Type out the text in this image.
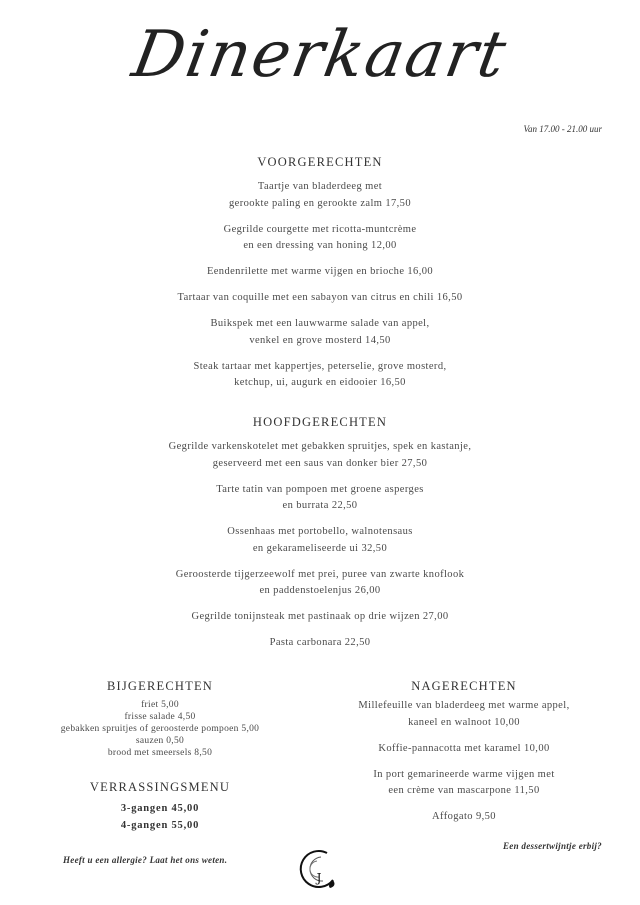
Dinerkaart
Van 17.00 - 21.00 uur
VOORGERECHTEN
Taartje van bladerdeeg met
gerookte paling en gerookte zalm 17,50
Gegrilde courgette met ricotta-muntcrème
en een dressing van honing 12,00
Eendenrilette met warme vijgen en brioche 16,00
Tartaar van coquille met een sabayon van citrus en chili 16,50
Buikspek met een lauwwarme salade van appel,
venkel en grove mosterd 14,50
Steak tartaar met kappertjes, peterselie, grove mosterd,
ketchup, ui, augurk en eidooier 16,50
HOOFDGERECHTEN
Gegrilde varkenskotelet met gebakken spruitjes, spek en kastanje,
geserveerd met een saus van donker bier 27,50
Tarte tatin van pompoen met groene asperges
en burrata 22,50
Ossenhaas met portobello, walnotensaus
en gekarameliseerde ui 32,50
Geroosterde tijgerzeewolf met prei, puree van zwarte knoflook
en paddenstoelenjus 26,00
Gegrilde tonijnsteak met pastinaak op drie wijzen 27,00
Pasta carbonara 22,50
BIJGERECHTEN
friet 5,00
frisse salade 4,50
gebakken spruitjes of geroosterde pompoen 5,00
sauzen 0,50
brood met smeersels 8,50
VERRASSINGSMENU
3-gangen 45,00
4-gangen 55,00
NAGERECHTEN
Millefeuille van bladerdeeg met warme appel,
kaneel en walnoot 10,00
Koffie-pannacotta met karamel 10,00
In port gemarineerde warme vijgen met
een crème van mascarpone 11,50
Affogato 9,50
Heeft u een allergie? Laat het ons weten.
Een dessertwijntje erbij?
J
